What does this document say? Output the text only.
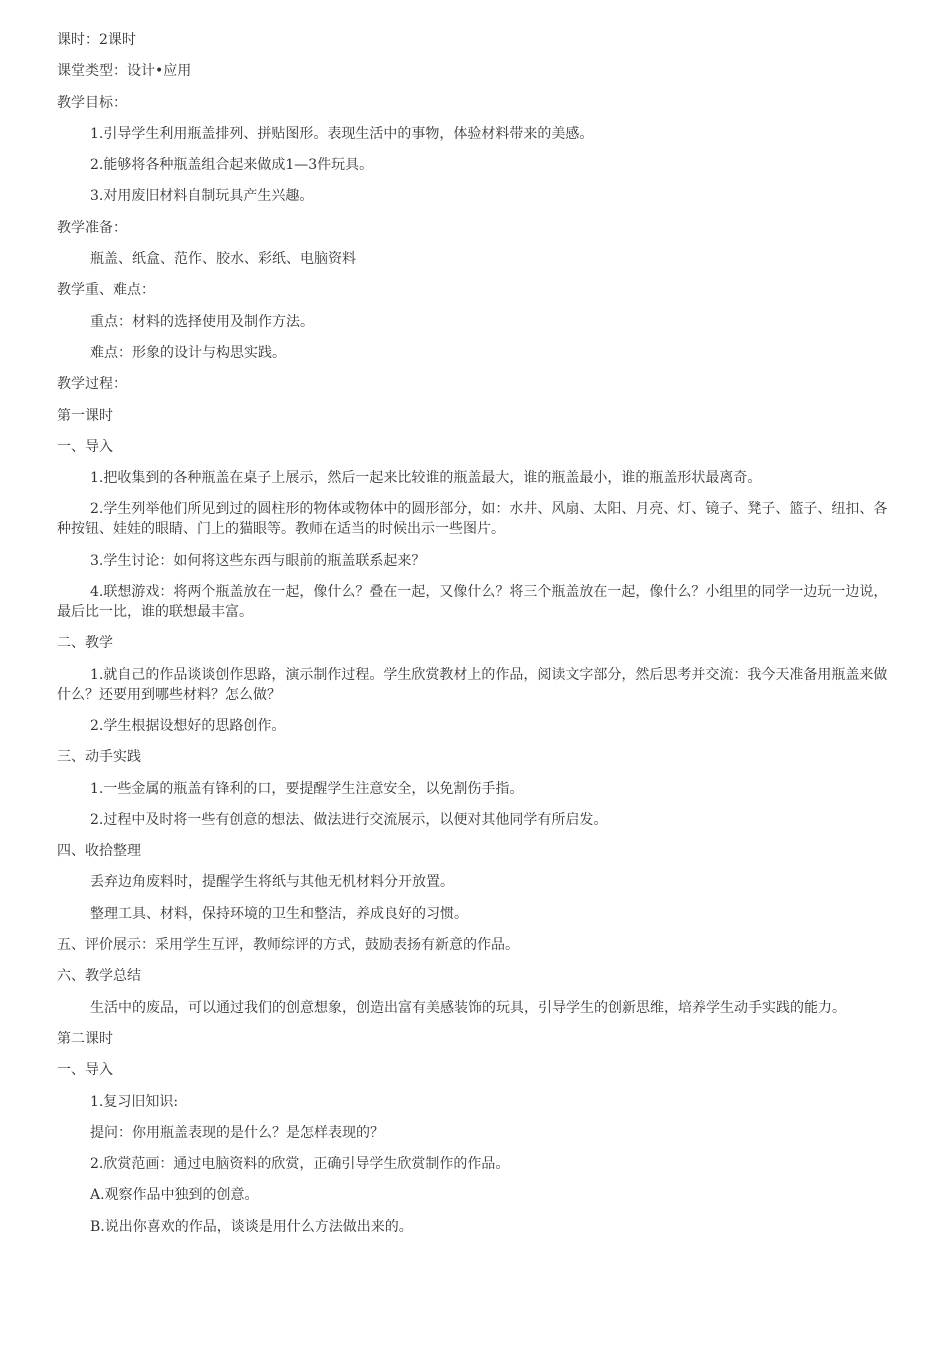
课时：2课时

课堂类型：设计•应用

教学目标：

1.引导学生利用瓶盖排列、拼贴图形。表现生活中的事物，体验材料带来的美感。

2.能够将各种瓶盖组合起来做成1—3件玩具。

3.对用废旧材料自制玩具产生兴趣。

教学准备：

瓶盖、纸盒、范作、胶水、彩纸、电脑资料

教学重、难点：

重点：材料的选择使用及制作方法。

难点：形象的设计与构思实践。

教学过程：

第一课时

一、导入

1.把收集到的各种瓶盖在桌子上展示，然后一起来比较谁的瓶盖最大，谁的瓶盖最小，谁的瓶盖形状最离奇。

2.学生列举他们所见到过的圆柱形的物体或物体中的圆形部分，如：水井、风扇、太阳、月亮、灯、镜子、凳子、篮子、纽扣、各种按钮、娃娃的眼睛、门上的猫眼等。教师在适当的时候出示一些图片。

3.学生讨论：如何将这些东西与眼前的瓶盖联系起来？

4.联想游戏：将两个瓶盖放在一起，像什么？叠在一起，又像什么？将三个瓶盖放在一起，像什么？小组里的同学一边玩一边说，最后比一比，谁的联想最丰富。

二、教学

1.就自己的作品谈谈创作思路，演示制作过程。学生欣赏教材上的作品，阅读文字部分，然后思考并交流：我今天准备用瓶盖来做什么？还要用到哪些材料？怎么做？

2.学生根据设想好的思路创作。

三、动手实践

1.一些金属的瓶盖有锋利的口，要提醒学生注意安全，以免割伤手指。

2.过程中及时将一些有创意的想法、做法进行交流展示，以便对其他同学有所启发。

四、收拾整理

丢弃边角废料时，提醒学生将纸与其他无机材料分开放置。

整理工具、材料，保持环境的卫生和整洁，养成良好的习惯。

五、评价展示：采用学生互评，教师综评的方式，鼓励表扬有新意的作品。

六、教学总结

生活中的废品，可以通过我们的创意想象，创造出富有美感装饰的玩具，引导学生的创新思维，培养学生动手实践的能力。

第二课时

一、导入

1.复习旧知识:

提问：你用瓶盖表现的是什么？是怎样表现的？

2.欣赏范画：通过电脑资料的欣赏，正确引导学生欣赏制作的作品。

A.观察作品中独到的创意。

B.说出你喜欢的作品，谈谈是用什么方法做出来的。
